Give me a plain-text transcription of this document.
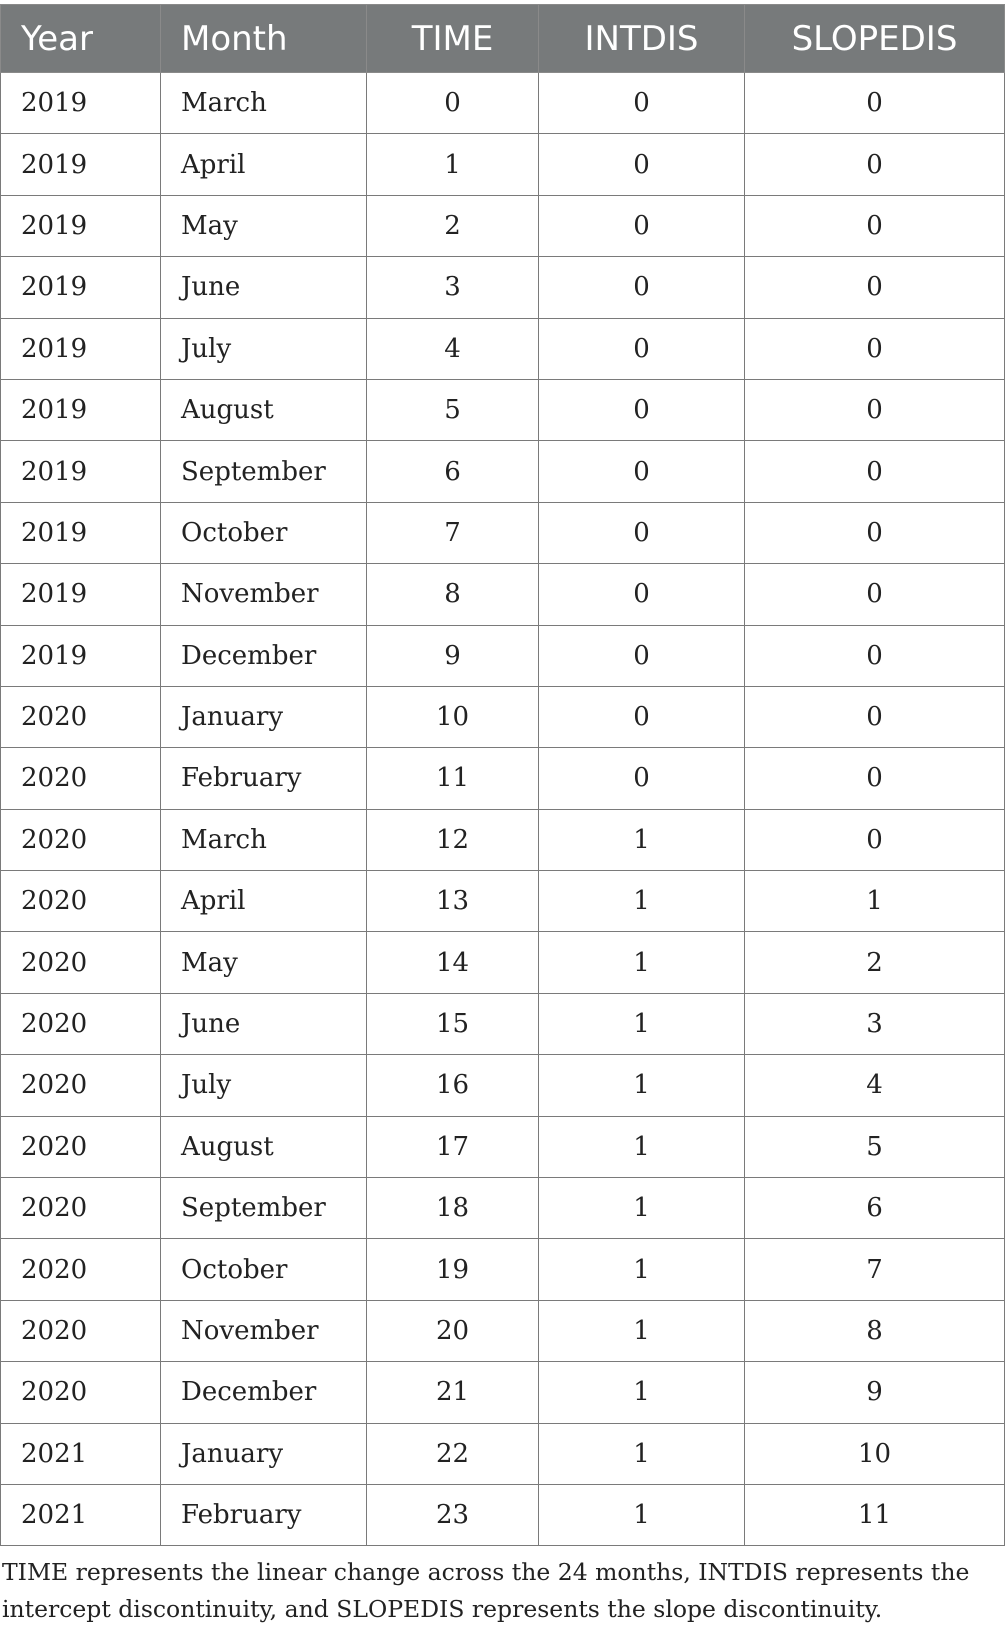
Year	Month	TIME	INTDIS	SLOPEDIS
2019	March	0	0	0
2019	April	1	0	0
2019	May	2	0	0
2019	June	3	0	0
2019	July	4	0	0
2019	August	5	0	0
2019	September	6	0	0
2019	October	7	0	0
2019	November	8	0	0
2019	December	9	0	0
2020	January	10	0	0
2020	February	11	0	0
2020	March	12	1	0
2020	April	13	1	1
2020	May	14	1	2
2020	June	15	1	3
2020	July	16	1	4
2020	August	17	1	5
2020	September	18	1	6
2020	October	19	1	7
2020	November	20	1	8
2020	December	21	1	9
2021	January	22	1	10
2021	February	23	1	11
TIME represents the linear change across the 24 months, INTDIS represents the intercept discontinuity, and SLOPEDIS represents the slope discontinuity.
